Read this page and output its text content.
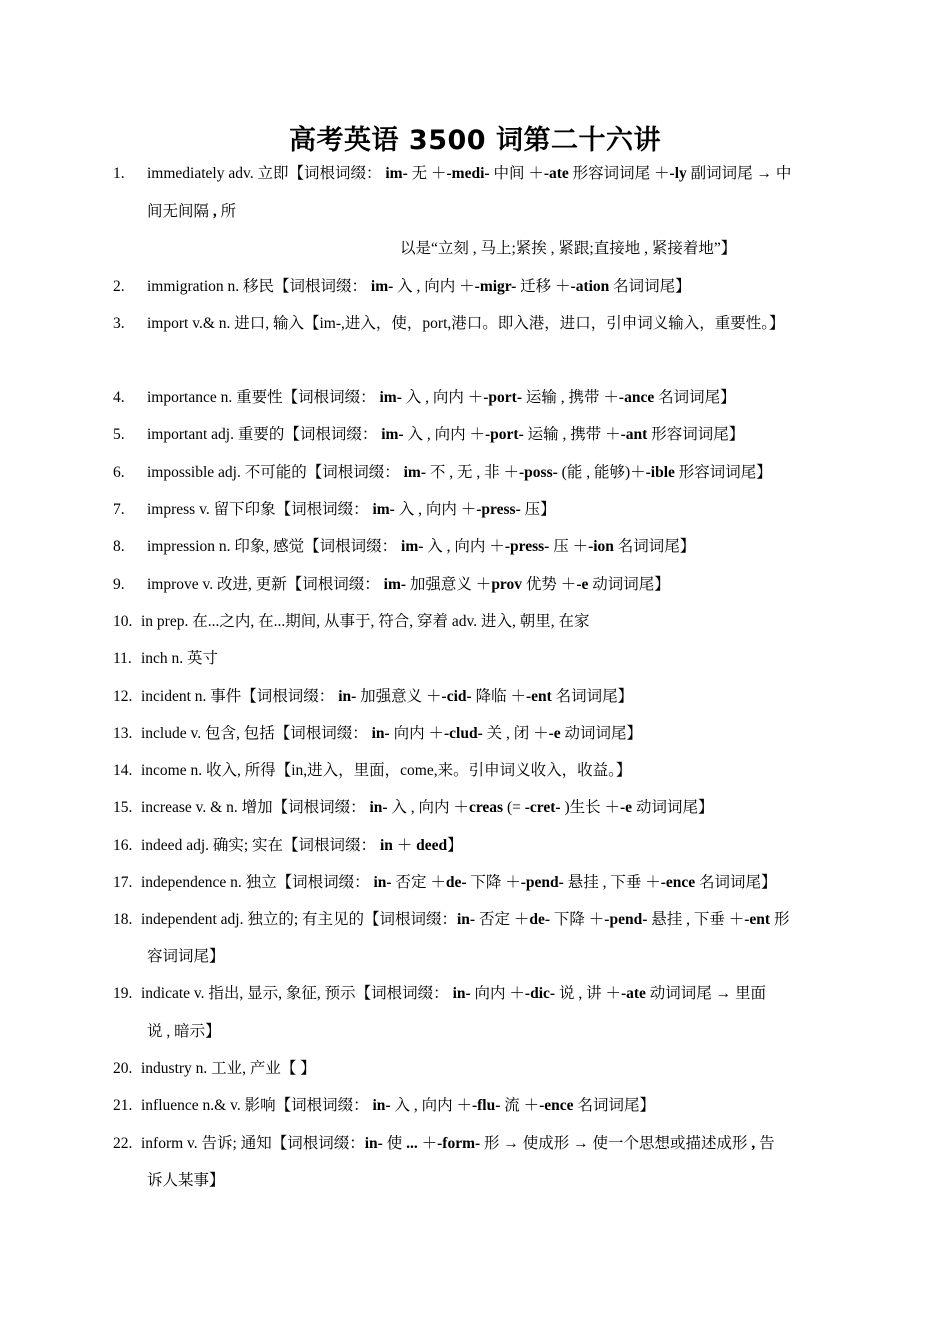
高考英语 3500 词第二十六讲
1. immediately adv. 立即【词根词缀： im- 无 ＋-medi- 中间 ＋-ate 形容词词尾 ＋-ly 副词词尾 → 中
间无间隔 , 所
以是“立刻 , 马上;紧挨 , 紧跟;直接地 , 紧接着地”】
2. immigration n. 移民【词根词缀： im- 入 , 向内 ＋-migr- 迁移 ＋-ation 名词词尾】
3. import v.& n. 进口, 输入【im-,进入，使，port,港口。即入港，进口，引申词义输入，重要性。】
4. importance n. 重要性【词根词缀： im- 入 , 向内 ＋-port- 运输 , 携带 ＋-ance 名词词尾】
5. important adj. 重要的【词根词缀： im- 入 , 向内 ＋-port- 运输 , 携带 ＋-ant 形容词词尾】
6. impossible adj. 不可能的【词根词缀： im- 不 , 无 , 非 ＋-poss- (能 , 能够)＋-ible 形容词词尾】
7. impress v. 留下印象【词根词缀： im- 入 , 向内 ＋-press- 压】
8. impression n. 印象, 感觉【词根词缀： im- 入 , 向内 ＋-press- 压 ＋-ion 名词词尾】
9. improve v. 改进, 更新【词根词缀： im- 加强意义 ＋prov 优势 ＋-e 动词词尾】
10. in prep. 在...之内, 在...期间, 从事于, 符合, 穿着 adv. 进入, 朝里, 在家
11. inch n. 英寸
12. incident n. 事件【词根词缀： in- 加强意义 ＋-cid- 降临 ＋-ent 名词词尾】
13. include v. 包含, 包括【词根词缀： in- 向内 ＋-clud- 关 , 闭 ＋-e 动词词尾】
14. income n. 收入, 所得【in,进入，里面，come,来。引申词义收入，收益。】
15. increase v. & n. 增加【词根词缀： in- 入 , 向内 ＋creas (= -cret- )生长 ＋-e 动词词尾】
16. indeed adj. 确实; 实在【词根词缀： in ＋ deed】
17. independence n. 独立【词根词缀： in- 否定 ＋de- 下降 ＋-pend- 悬挂 , 下垂 ＋-ence 名词词尾】
18. independent adj. 独立的; 有主见的【词根词缀：in- 否定 ＋de- 下降 ＋-pend- 悬挂 , 下垂 ＋-ent 形
容词词尾】
19. indicate v. 指出, 显示, 象征, 预示【词根词缀： in- 向内 ＋-dic- 说 , 讲 ＋-ate 动词词尾 → 里面
说 , 暗示】
20. industry n. 工业, 产业【 】
21. influence n.& v. 影响【词根词缀： in- 入 , 向内 ＋-flu- 流 ＋-ence 名词词尾】
22. inform v. 告诉; 通知【词根词缀：in- 使 ... ＋-form- 形 → 使成形 → 使一个思想或描述成形 , 告
诉人某事】
